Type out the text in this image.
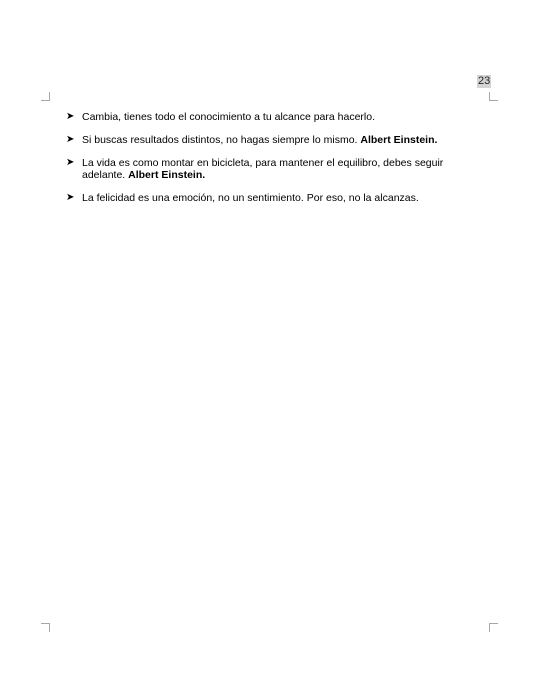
23
➤ Cambia, tienes todo el conocimiento a tu alcance para hacerlo.
➤ Si buscas resultados distintos, no hagas siempre lo mismo. Albert Einstein.
➤ La vida es como montar en bicicleta, para mantener el equilibro, debes seguir adelante. Albert Einstein.
➤ La felicidad es una emoción, no un sentimiento. Por eso, no la alcanzas.
